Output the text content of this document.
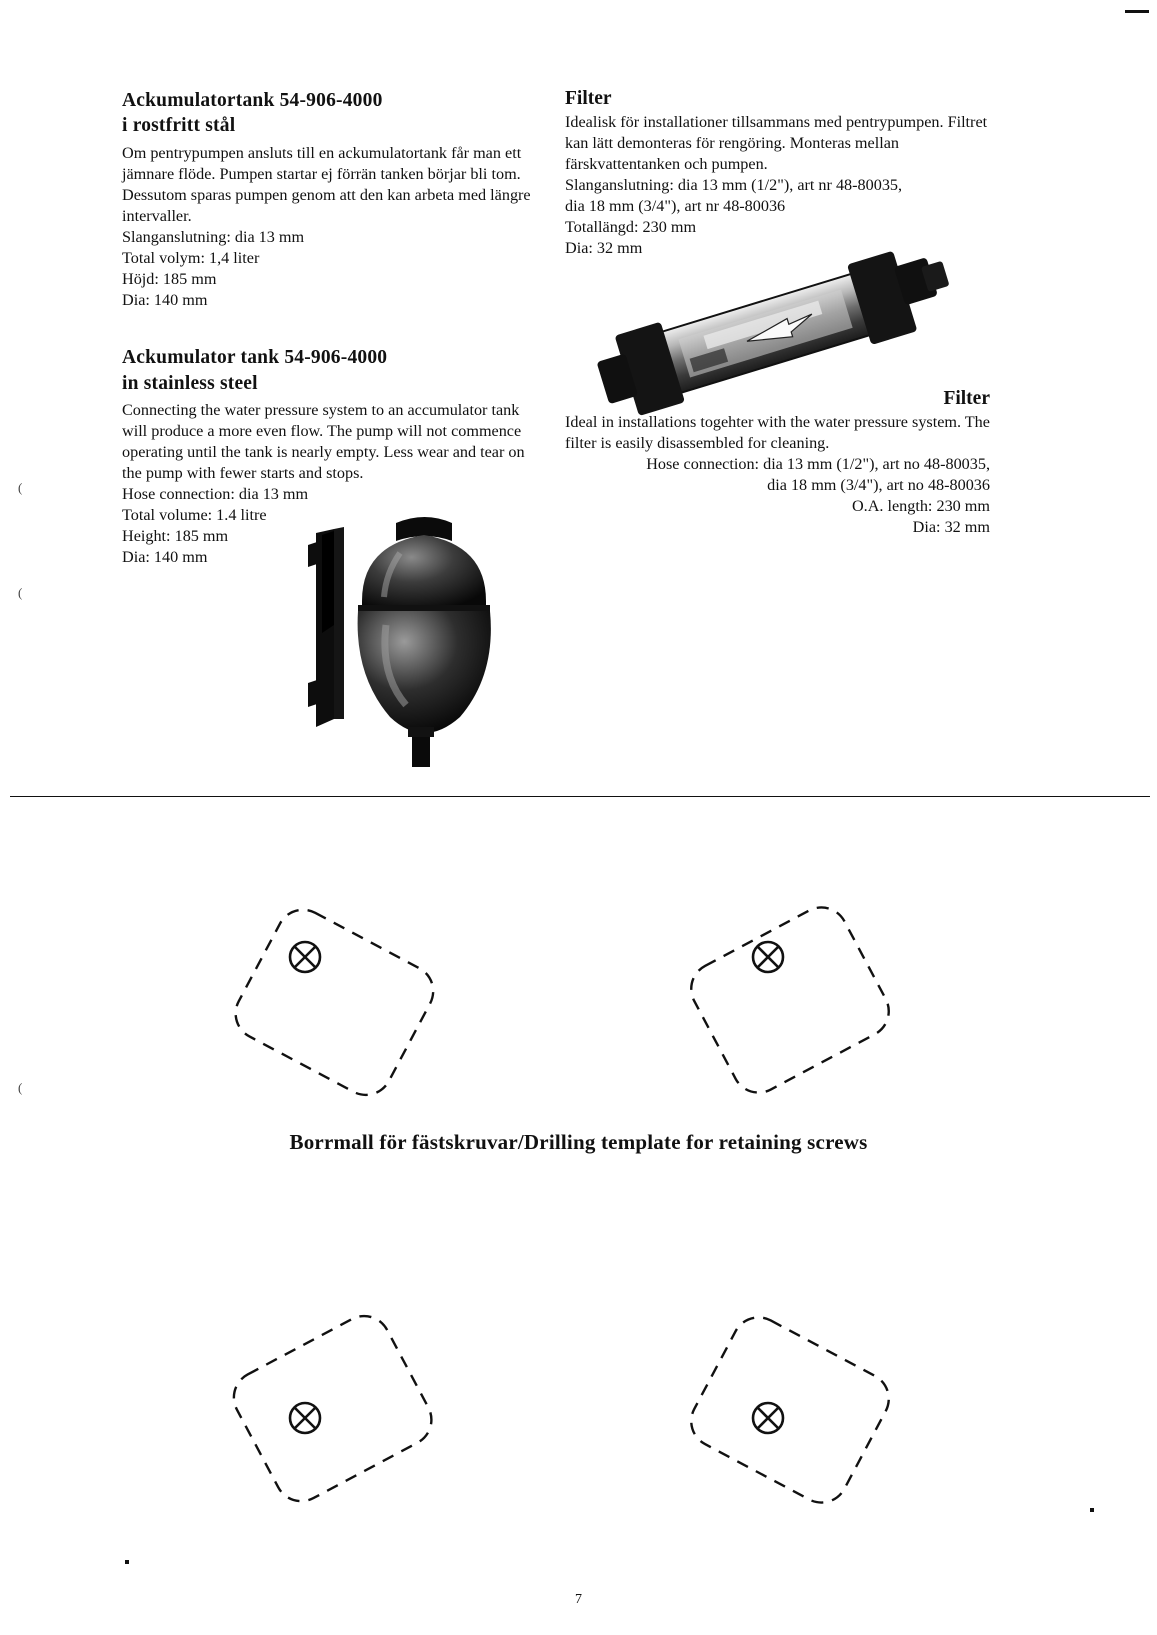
(
(
(
Ackumulatortank 54-906-4000
i rostfritt stål

Om pentrypumpen ansluts till en ackumulatortank får man ett jämnare flöde. Pumpen startar ej förrän tanken börjar bli tom. Dessutom sparas pumpen genom att den kan arbeta med längre intervaller.

Slanganslutning: dia 13 mm
Total volym: 1,4 liter
Höjd: 185 mm
Dia: 140 mm
Ackumulator tank 54-906-4000
in stainless steel

Connecting the water pressure system to an accumulator tank will produce a more even flow. The pump will not commence operating until the tank is nearly empty. Less wear and tear on the pump with fewer starts and stops.

Hose connection: dia 13 mm
Total volume: 1.4 litre
Height: 185 mm
Dia: 140 mm
Filter

Idealisk för installationer tillsammans med pentrypumpen. Filtret kan lätt demonteras för rengöring. Monteras mellan färskvattentanken och pumpen.

Slanganslutning: dia 13 mm (1/2"), art nr 48-80035,
dia 18 mm (3/4"), art nr 48-80036
Totallängd: 230 mm
Dia: 32 mm
Filter

Ideal in installations togehter with the water pressure system. The filter is easily disassembled for cleaning.

Hose connection: dia 13 mm (1/2"), art no 48-80035,
dia 18 mm (3/4"), art no 48-80036
O.A. length: 230 mm
Dia: 32 mm
Borrmall för fästskruvar/Drilling template for retaining screws
7
